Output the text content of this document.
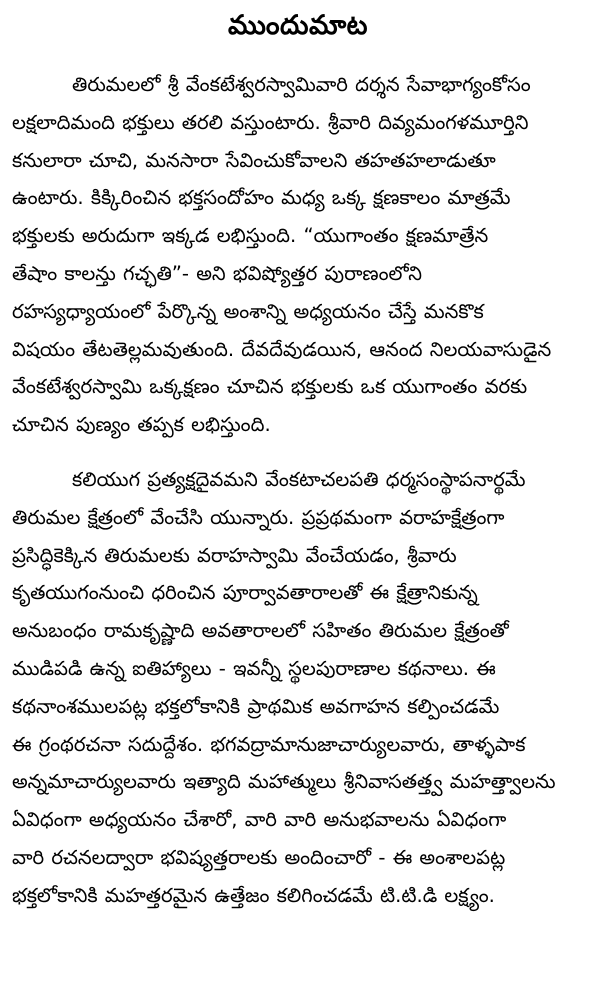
ముందుమాట
తిరుమలలో శ్రీ వేంకటేశ్వరస్వామివారి దర్శన సేవాభాగ్యంకోసం
లక్షలాదిమంది భక్తులు తరలి వస్తుంటారు. శ్రీవారి దివ్యమంగళమూర్తిని
కనులారా చూచి, మనసారా సేవించుకోవాలని తహతహలాడుతూ
ఉంటారు. కిక్కిరించిన భక్తసందోహం మధ్య ఒక్క క్షణకాలం మాత్రమే
భక్తులకు అరుదుగా ఇక్కడ లభిస్తుంది. “యుగాంతం క్షణమాత్రేన
తేషాం కాలన్తు గచ్ఛతి”- అని భవిష్యోత్తర పురాణంలోని
రహస్యధ్యాయంలో పేర్కొన్న అంశాన్ని అధ్యయనం చేస్తే మనకొక
విషయం తేటతెల్లమవుతుంది. దేవదేవుడయిన, ఆనంద నిలయవాసుడైన
వేంకటేశ్వరస్వామి ఒక్కక్షణం చూచిన భక్తులకు ఒక యుగాంతం వరకు
చూచిన పుణ్యం తప్పక లభిస్తుంది.
కలియుగ ప్రత్యక్షదైవమని వేంకటాచలపతి ధర్మసంస్థాపనార్థమే
తిరుమల క్షేత్రంలో వేంచేసి యున్నారు. ప్రప్రథమంగా వరాహక్షేత్రంగా
ప్రసిద్ధికెక్కిన తిరుమలకు వరాహస్వామి వేంచేయడం, శ్రీవారు
కృతయుగంనుంచి ధరించిన పూర్వావతారాలతో ఈ క్షేత్రానికున్న
అనుబంధం రామకృష్ణాది అవతారాలలో సహితం తిరుమల క్షేత్రంతో
ముడిపడి ఉన్న ఐతిహ్యాలు - ఇవన్నీ స్థలపురాణాల కథనాలు. ఈ
కథనాంశములపట్ల భక్తలోకానికి ప్రాథమిక అవగాహన కల్పించడమే
ఈ గ్రంథరచనా సదుద్దేశం. భగవద్రామానుజాచార్యులవారు, తాళ్ళపాక
అన్నమాచార్యులవారు ఇత్యాది మహాత్ములు శ్రీనివాసతత్త్వ మహత్త్వాలను
ఏవిధంగా అధ్యయనం చేశారో, వారి వారి అనుభవాలను ఏవిధంగా
వారి రచనలద్వారా భవిష్యత్తరాలకు అందించారో - ఈ అంశాలపట్ల
భక్తలోకానికి మహత్తరమైన ఉత్తేజం కలిగించడమే టి.టి.డి లక్ష్యం.
